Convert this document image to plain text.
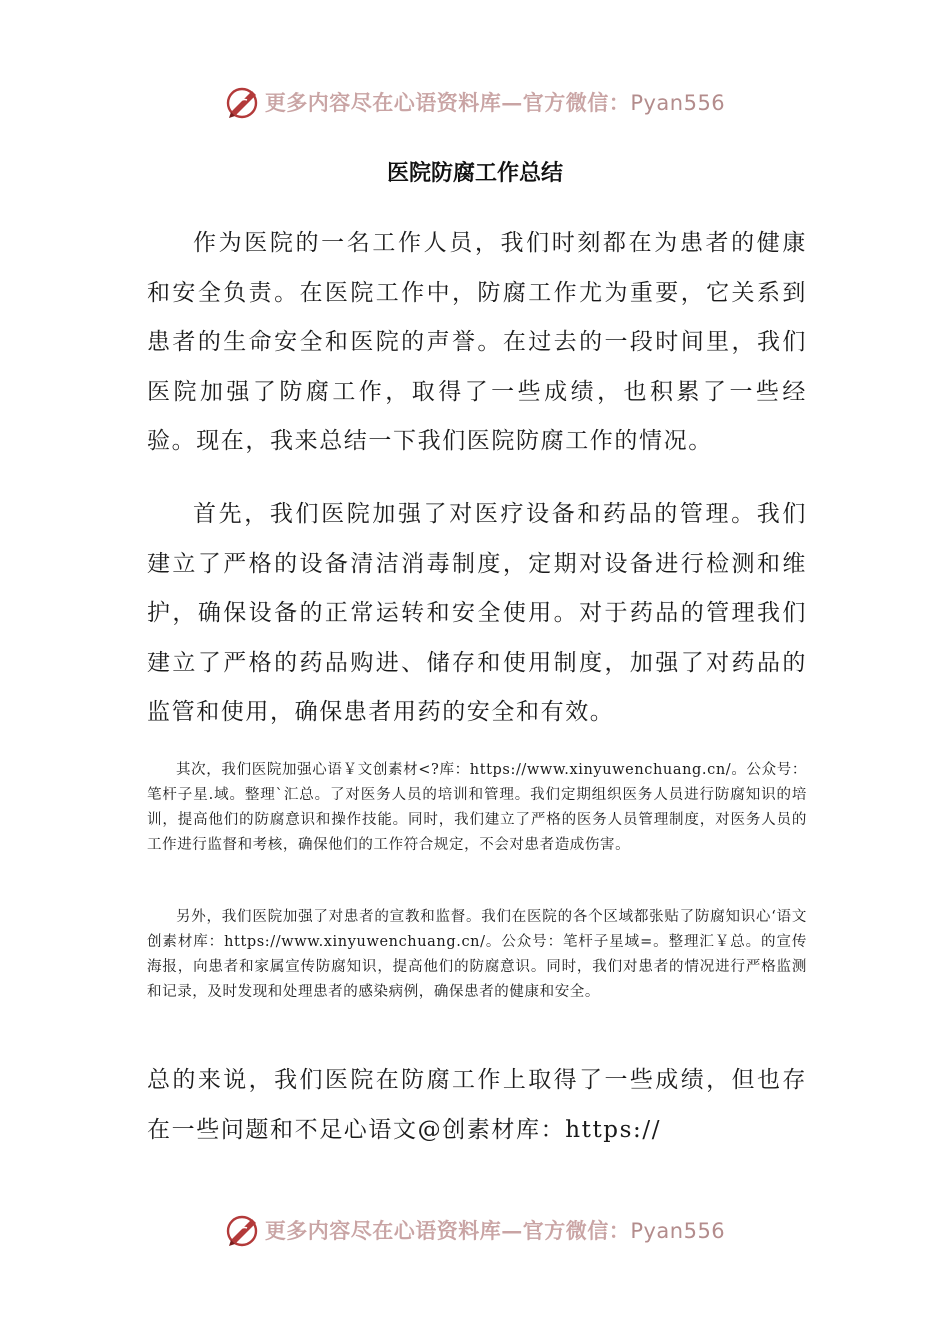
更多内容尽在心语资料库—官方微信：Pyan556
医院防腐工作总结

作为医院的一名工作人员，我们时刻都在为患者的健康和安全负责。在医院工作中，防腐工作尤为重要，它关系到患者的生命安全和医院的声誉。在过去的一段时间里，我们医院加强了防腐工作，取得了一些成绩，也积累了一些经验。现在，我来总结一下我们医院防腐工作的情况。

首先，我们医院加强了对医疗设备和药品的管理。我们建立了严格的设备清洁消毒制度，定期对设备进行检测和维护，确保设备的正常运转和安全使用。对于药品的管理我们建立了严格的药品购进、储存和使用制度，加强了对药品的监管和使用，确保患者用药的安全和有效。

其次，我们医院加强心语￥文创素材<?库：https://www.xinyuwenchuang.cn/。公众号：笔杆子星.域。整理`汇总。了对医务人员的培训和管理。我们定期组织医务人员进行防腐知识的培训，提高他们的防腐意识和操作技能。同时，我们建立了严格的医务人员管理制度，对医务人员的工作进行监督和考核，确保他们的工作符合规定，不会对患者造成伤害。

另外，我们医院加强了对患者的宣教和监督。我们在医院的各个区域都张贴了防腐知识心‘语文创素材库：https://www.xinyuwenchuang.cn/。公众号：笔杆子星域=。整理汇￥总。的宣传海报，向患者和家属宣传防腐知识，提高他们的防腐意识。同时，我们对患者的情况进行严格监测和记录，及时发现和处理患者的感染病例，确保患者的健康和安全。

总的来说，我们医院在防腐工作上取得了一些成绩，但也存在一些问题和不足心语文@创素材库：https://

更多内容尽在心语资料库—官方微信：Pyan556
